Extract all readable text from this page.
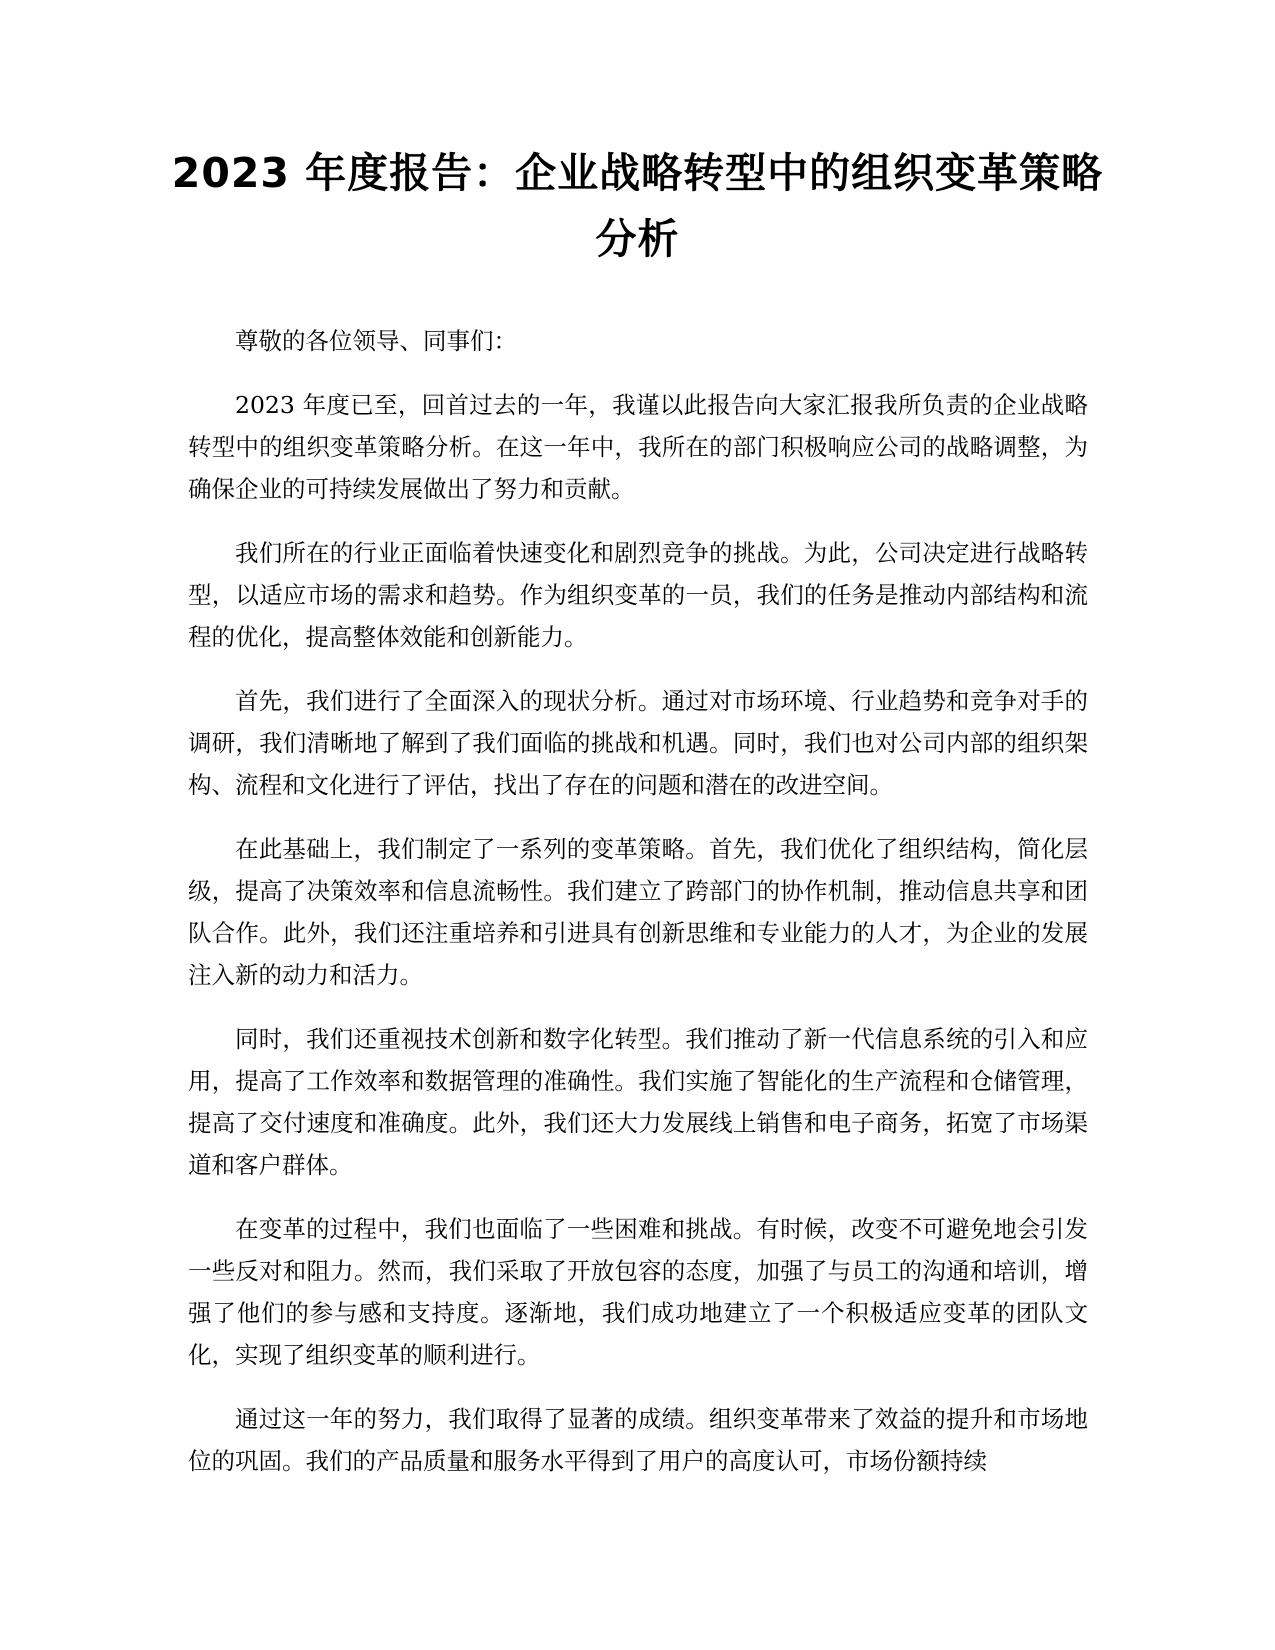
2023 年度报告：企业战略转型中的组织变革策略分析

尊敬的各位领导、同事们：

2023 年度已至，回首过去的一年，我谨以此报告向大家汇报我所负责的企业战略转型中的组织变革策略分析。在这一年中，我所在的部门积极响应公司的战略调整，为确保企业的可持续发展做出了努力和贡献。

我们所在的行业正面临着快速变化和剧烈竞争的挑战。为此，公司决定进行战略转型，以适应市场的需求和趋势。作为组织变革的一员，我们的任务是推动内部结构和流程的优化，提高整体效能和创新能力。

首先，我们进行了全面深入的现状分析。通过对市场环境、行业趋势和竞争对手的调研，我们清晰地了解到了我们面临的挑战和机遇。同时，我们也对公司内部的组织架构、流程和文化进行了评估，找出了存在的问题和潜在的改进空间。

在此基础上，我们制定了一系列的变革策略。首先，我们优化了组织结构，简化层级，提高了决策效率和信息流畅性。我们建立了跨部门的协作机制，推动信息共享和团队合作。此外，我们还注重培养和引进具有创新思维和专业能力的人才，为企业的发展注入新的动力和活力。

同时，我们还重视技术创新和数字化转型。我们推动了新一代信息系统的引入和应用，提高了工作效率和数据管理的准确性。我们实施了智能化的生产流程和仓储管理，提高了交付速度和准确度。此外，我们还大力发展线上销售和电子商务，拓宽了市场渠道和客户群体。

在变革的过程中，我们也面临了一些困难和挑战。有时候，改变不可避免地会引发一些反对和阻力。然而，我们采取了开放包容的态度，加强了与员工的沟通和培训，增强了他们的参与感和支持度。逐渐地，我们成功地建立了一个积极适应变革的团队文化，实现了组织变革的顺利进行。

通过这一年的努力，我们取得了显著的成绩。组织变革带来了效益的提升和市场地位的巩固。我们的产品质量和服务水平得到了用户的高度认可，市场份额持续
